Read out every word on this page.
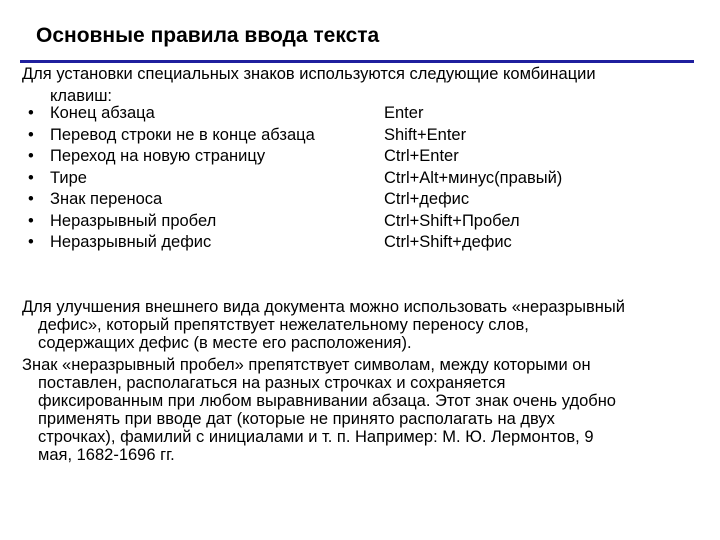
Основные правила ввода текста
Для установки специальных знаков используются следующие комбинации
клавиш:
• Конец абзаца	Enter
• Перевод строки не в конце абзаца	Shift+Enter
• Переход на новую страницу	Ctrl+Enter
• Тире	Ctrl+Alt+минус(правый)
• Знак переноса	Ctrl+дефис
• Неразрывный пробел	Ctrl+Shift+Пробел
• Неразрывный дефис	Ctrl+Shift+дефис
Для улучшения внешнего вида документа можно использовать «неразрывный
дефис», который препятствует нежелательному переносу слов,
содержащих дефис (в месте его расположения).
Знак «неразрывный пробел» препятствует символам, между которыми он
поставлен, располагаться на разных строчках и сохраняется
фиксированным при любом выравнивании абзаца. Этот знак очень удобно
применять при вводе дат (которые не принято располагать на двух
строчках), фамилий с инициалами и т. п. Например: М. Ю. Лермонтов, 9
мая, 1682-1696 гг.
